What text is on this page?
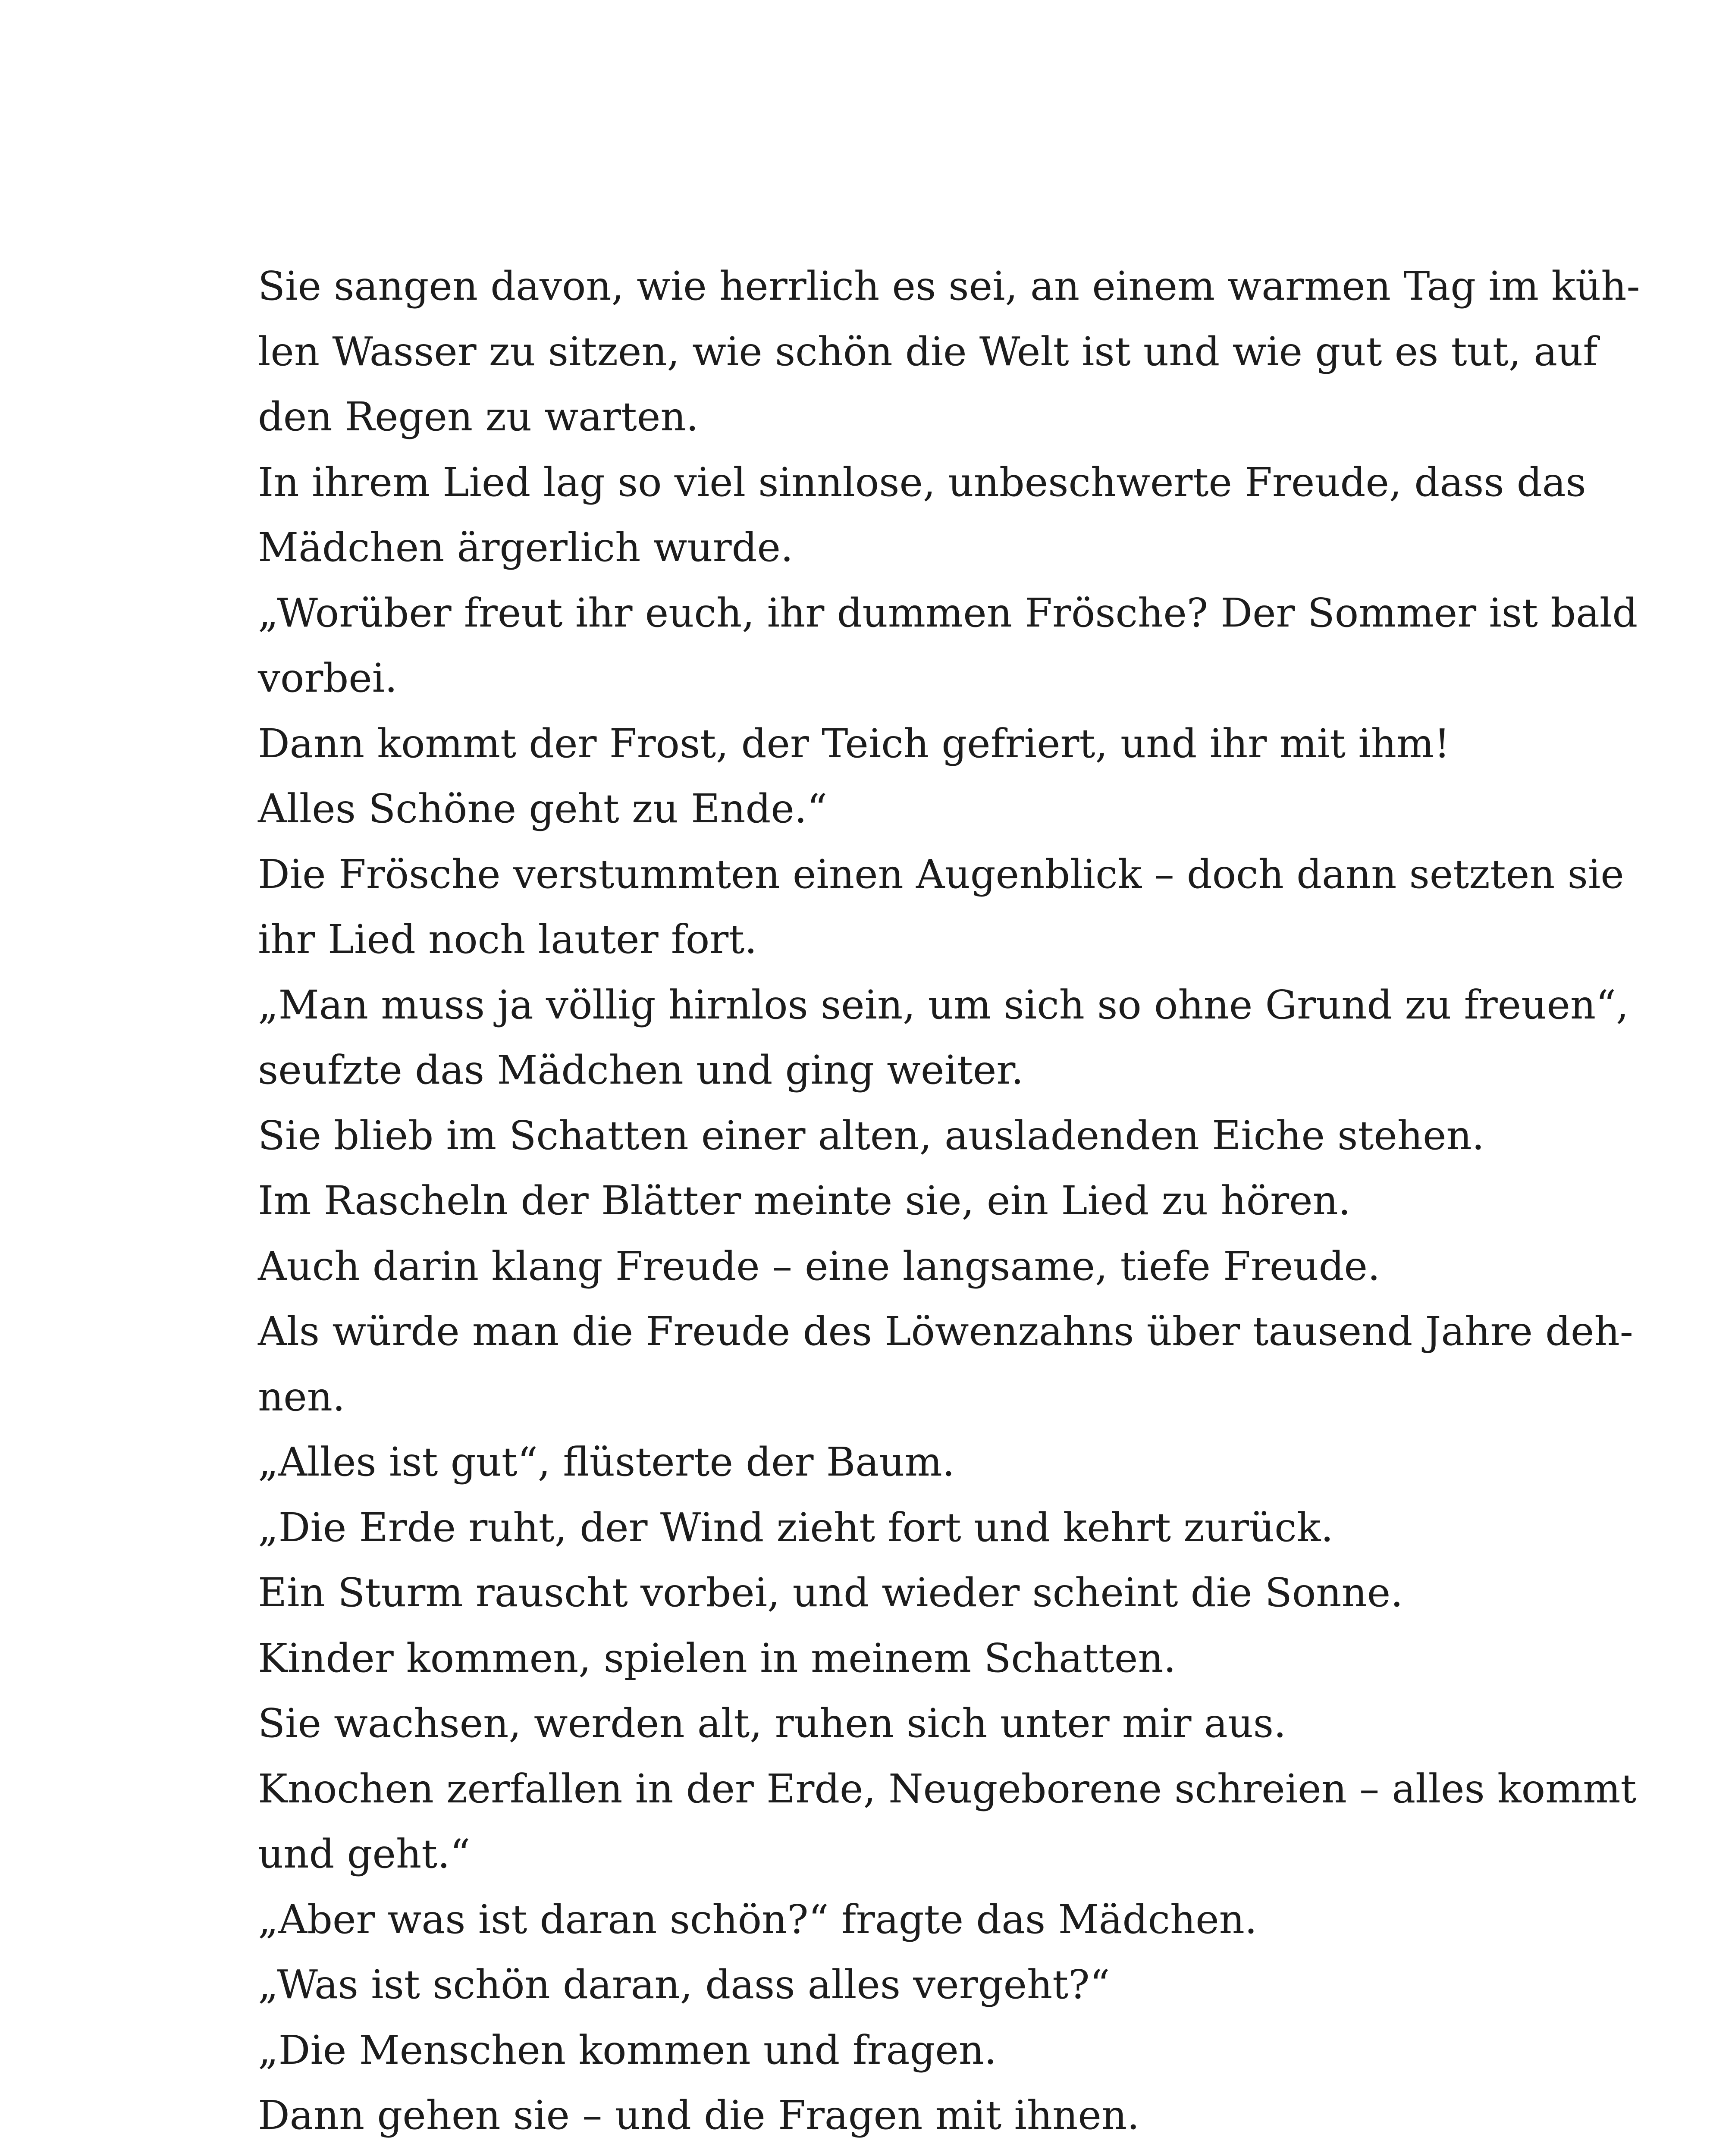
Sie sangen davon, wie herrlich es sei, an einem warmen Tag im küh-
len Wasser zu sitzen, wie schön die Welt ist und wie gut es tut, auf
den Regen zu warten.
In ihrem Lied lag so viel sinnlose, unbeschwerte Freude, dass das
Mädchen ärgerlich wurde.
„Worüber freut ihr euch, ihr dummen Frösche? Der Sommer ist bald
vorbei.
Dann kommt der Frost, der Teich gefriert, und ihr mit ihm!
Alles Schöne geht zu Ende.“
Die Frösche verstummten einen Augenblick – doch dann setzten sie
ihr Lied noch lauter fort.
„Man muss ja völlig hirnlos sein, um sich so ohne Grund zu freuen“,
seufzte das Mädchen und ging weiter.
Sie blieb im Schatten einer alten, ausladenden Eiche stehen.
Im Rascheln der Blätter meinte sie, ein Lied zu hören.
Auch darin klang Freude – eine langsame, tiefe Freude.
Als würde man die Freude des Löwenzahns über tausend Jahre deh-
nen.
„Alles ist gut“, flüsterte der Baum.
„Die Erde ruht, der Wind zieht fort und kehrt zurück.
Ein Sturm rauscht vorbei, und wieder scheint die Sonne.
Kinder kommen, spielen in meinem Schatten.
Sie wachsen, werden alt, ruhen sich unter mir aus.
Knochen zerfallen in der Erde, Neugeborene schreien – alles kommt
und geht.“
„Aber was ist daran schön?“ fragte das Mädchen.
„Was ist schön daran, dass alles vergeht?“
„Die Menschen kommen und fragen.
Dann gehen sie – und die Fragen mit ihnen.
